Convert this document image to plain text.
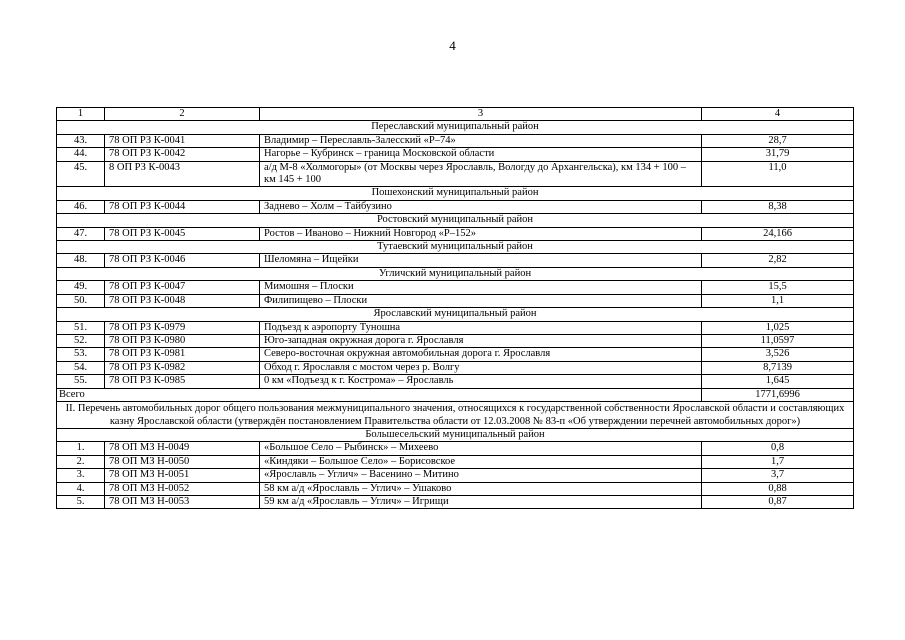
4
1	2	3	4
Переславский муниципальный район			
43.	78 ОП РЗ К-0041	Владимир – Переславль-Залесский «Р–74»	28,7
44.	78 ОП РЗ К-0042	Нагорье – Кубринск – граница Московской области	31,79
45.	8 ОП РЗ К-0043	а/д М-8 «Холмогоры» (от Москвы через Ярославль, Вологду до Архангельска), км 134 + 100 – км 145 + 100	11,0
Пошехонский муниципальный район			
46.	78 ОП РЗ К-0044	Заднево – Холм – Тайбузино	8,38
Ростовский муниципальный район			
47.	78 ОП РЗ К-0045	Ростов – Иваново – Нижний Новгород «Р–152»	24,166
Тутаевский муниципальный район			
48.	78 ОП РЗ К-0046	Шеломяна – Ищейки	2,82
Угличский муниципальный район			
49.	78 ОП РЗ К-0047	Мимошня – Плоски	15,5
50.	78 ОП РЗ К-0048	Филипищево – Плоски	1,1
Ярославский муниципальный район			
51.	78 ОП РЗ К-0979	Подъезд к аэропорту Туношна	1,025
52.	78 ОП РЗ К-0980	Юго-западная окружная дорога г. Ярославля	11,0597
53.	78 ОП РЗ К-0981	Северо-восточная окружная автомобильная дорога г. Ярославля	3,526
54.	78 ОП РЗ К-0982	Обход г. Ярославля с мостом через р. Волгу	8,7139
55.	78 ОП РЗ К-0985	0 км «Подъезд к г. Кострома» – Ярославль	1,645
Всего			1771,6996
II. Перечень автомобильных дорог общего пользования межмуниципального значения, относящихся к государственной собственности Ярославской области и составляющих казну Ярославской области (утверждён постановлением Правительства области от 12.03.2008 № 83-п «Об утверждении перечней автомобильных дорог»)			
Большесельский муниципальный район			
1.	78 ОП МЗ Н-0049	«Большое Село – Рыбинск» – Михеево	0,8
2.	78 ОП МЗ Н-0050	«Киндяки – Большое Село» – Борисовское	1,7
3.	78 ОП МЗ Н-0051	«Ярославль – Углич» – Васенино – Митино	3,7
4.	78 ОП МЗ Н-0052	58 км а/д «Ярославль – Углич» – Ушаково	0,88
5.	78 ОП МЗ Н-0053	59 км а/д «Ярославль – Углич» – Игрищи	0,87
